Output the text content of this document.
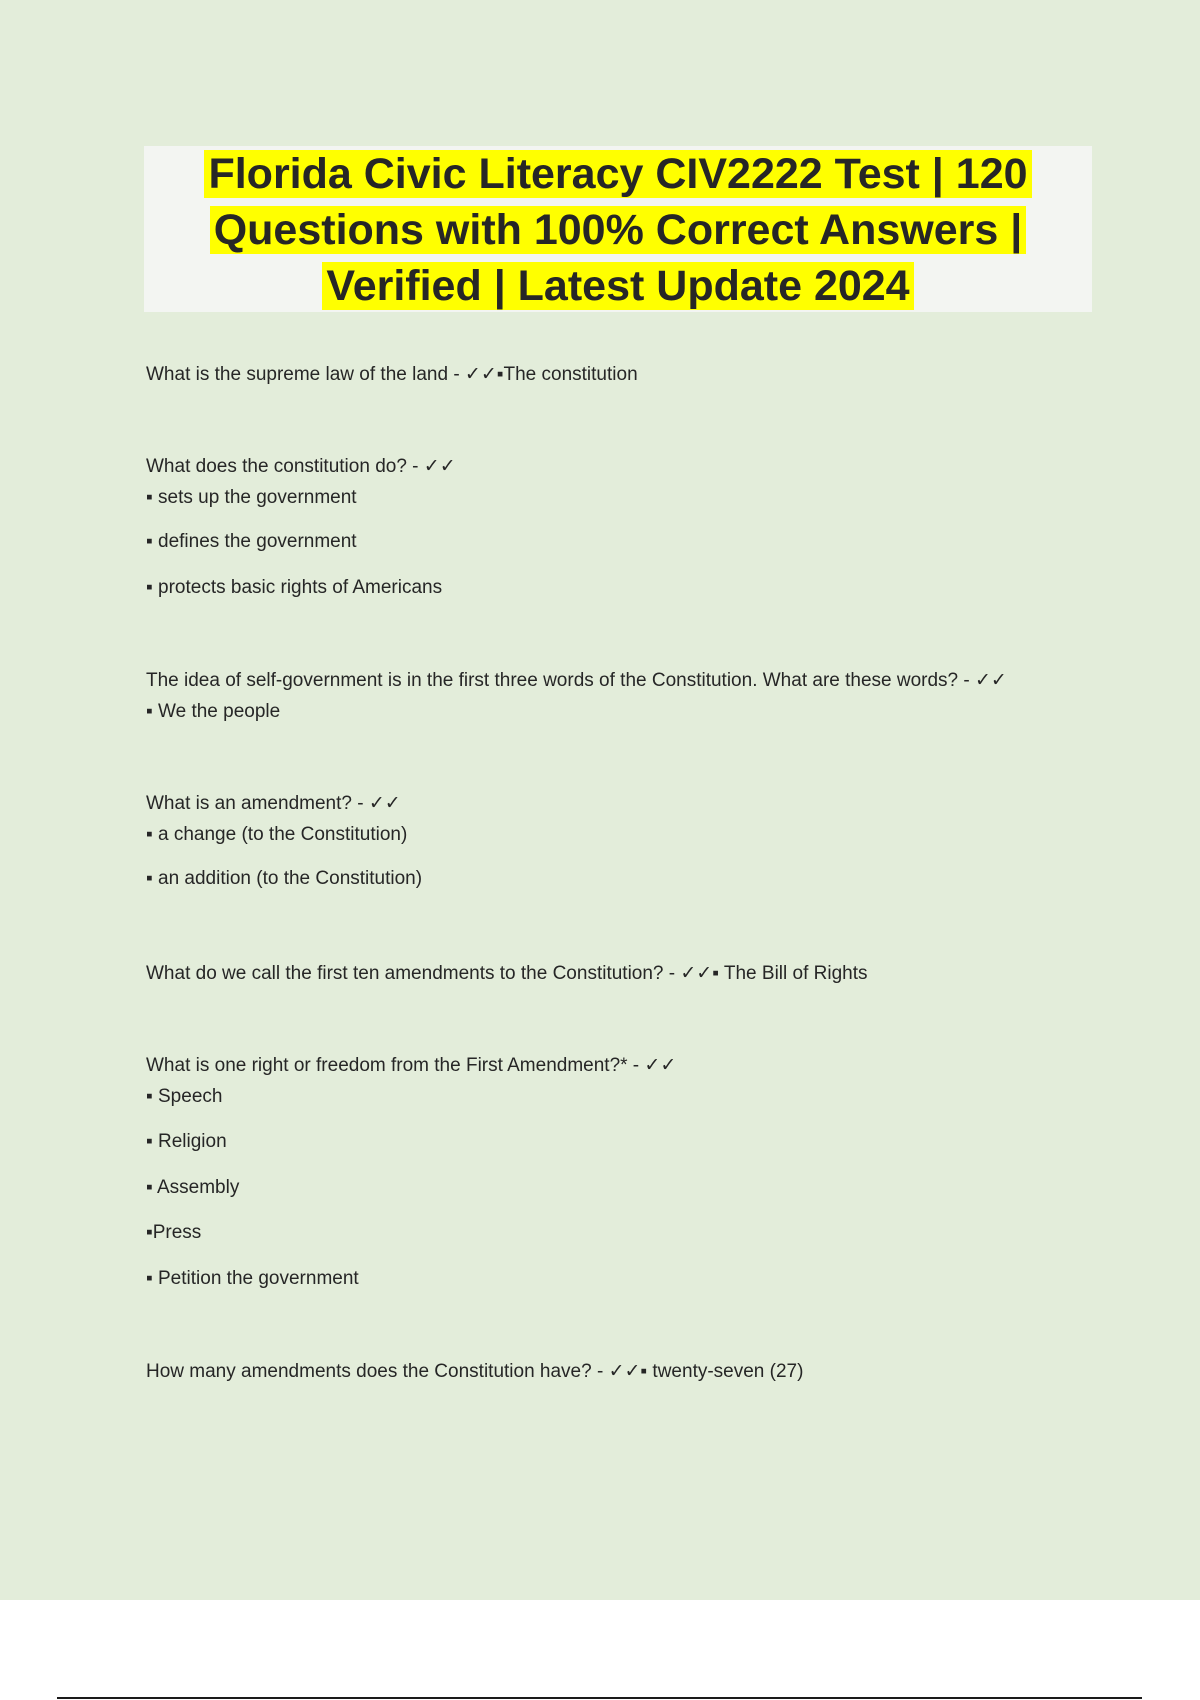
Florida Civic Literacy CIV2222 Test | 120 Questions with 100% Correct Answers | Verified | Latest Update 2024
What is the supreme law of the land - ✓✓▪The constitution
What does the constitution do? - ✓✓
▪ sets up the government
▪ defines the government
▪ protects basic rights of Americans
The idea of self-government is in the first three words of the Constitution. What are these words? - ✓✓
▪ We the people
What is an amendment? - ✓✓
▪ a change (to the Constitution)
▪ an addition (to the Constitution)
What do we call the first ten amendments to the Constitution? - ✓✓▪ The Bill of Rights
What is one right or freedom from the First Amendment?* - ✓✓
▪ Speech
▪ Religion
▪ Assembly
▪Press
▪ Petition the government
How many amendments does the Constitution have? - ✓✓▪ twenty-seven (27)
